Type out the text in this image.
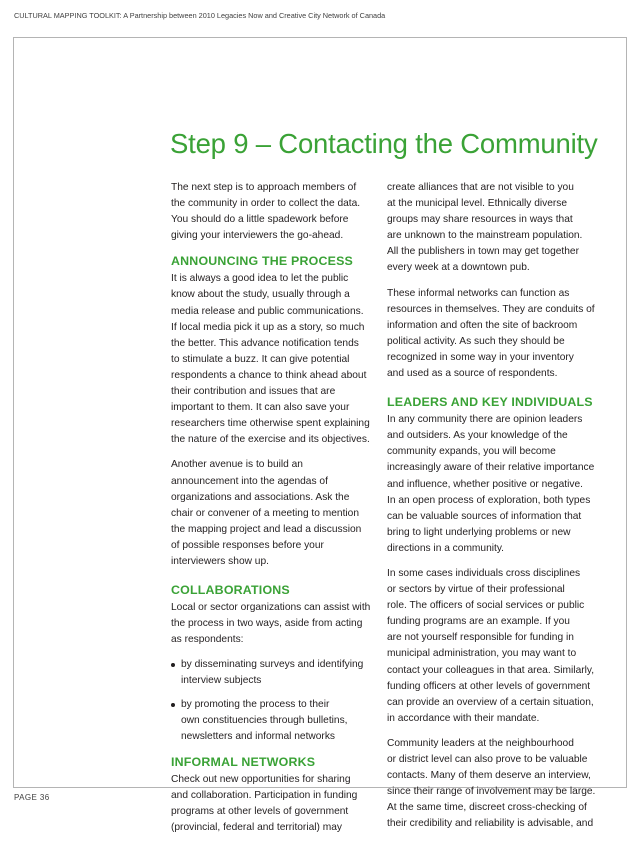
CULTURAL MAPPING TOOLKIT: A Partnership between 2010 Legacies Now and Creative City Network of Canada
Step 9 – Contacting the Community

The next step is to approach members of
the community in order to collect the data.
You should do a little spadework before
giving your interviewers the go-ahead.

ANNOUNCING THE PROCESS

It is always a good idea to let the public
know about the study, usually through a
media release and public communications.
If local media pick it up as a story, so much
the better. This advance notification tends
to stimulate a buzz. It can give potential
respondents a chance to think ahead about
their contribution and issues that are
important to them. It can also save your
researchers time otherwise spent explaining
the nature of the exercise and its objectives.

Another avenue is to build an
announcement into the agendas of
organizations and associations. Ask the
chair or convener of a meeting to mention
the mapping project and lead a discussion
of possible responses before your
interviewers show up.

COLLABORATIONS

Local or sector organizations can assist with
the process in two ways, aside from acting
as respondents:

by disseminating surveys and identifying
interview subjects
by promoting the process to their
own constituencies through bulletins,
newsletters and informal networks
INFORMAL NETWORKS

Check out new opportunities for sharing
and collaboration. Participation in funding
programs at other levels of government
(provincial, federal and territorial) may

create alliances that are not visible to you
at the municipal level. Ethnically diverse
groups may share resources in ways that
are unknown to the mainstream population.
All the publishers in town may get together
every week at a downtown pub.

These informal networks can function as
resources in themselves. They are conduits of
information and often the site of backroom
political activity. As such they should be
recognized in some way in your inventory
and used as a source of respondents.

LEADERS AND KEY INDIVIDUALS

In any community there are opinion leaders
and outsiders. As your knowledge of the
community expands, you will become
increasingly aware of their relative importance
and influence, whether positive or negative.
In an open process of exploration, both types
can be valuable sources of information that
bring to light underlying problems or new
directions in a community.

In some cases individuals cross disciplines
or sectors by virtue of their professional
role. The officers of social services or public
funding programs are an example. If you
are not yourself responsible for funding in
municipal administration, you may want to
contact your colleagues in that area. Similarly,
funding officers at other levels of government
can provide an overview of a certain situation,
in accordance with their mandate.

Community leaders at the neighbourhood
or district level can also prove to be valuable
contacts. Many of them deserve an interview,
since their range of involvement may be large.
At the same time, discreet cross-checking of
their credibility and reliability is advisable, and

PAGE 36
